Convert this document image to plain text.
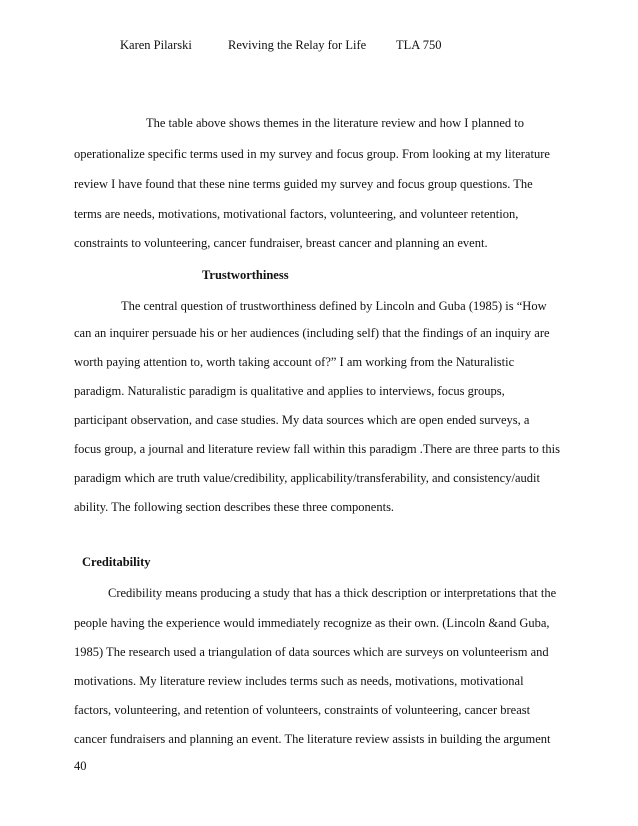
Karen Pilarski	Reviving the Relay for Life TLA 750
The table above shows themes in the literature review and how I planned to
operationalize specific terms used in my survey and focus group. From looking at my literature
review I have found that these nine terms guided my survey and focus group questions. The
terms are needs, motivations, motivational factors, volunteering, and volunteer retention,
constraints to volunteering, cancer fundraiser, breast cancer and planning an event.
Trustworthiness
The central question of trustworthiness defined by Lincoln and Guba (1985) is “How
can an inquirer persuade his or her audiences (including self) that the findings of an inquiry are
worth paying attention to, worth taking account of?” I am working from the Naturalistic
paradigm. Naturalistic paradigm is qualitative and applies to interviews, focus groups,
participant observation, and case studies. My data sources which are open ended surveys, a
focus group, a journal and literature review fall within this paradigm .There are three parts to this
paradigm which are truth value/credibility, applicability/transferability, and consistency/audit
ability. The following section describes these three components.
Creditability
Credibility means producing a study that has a thick description or interpretations that the
people having the experience would immediately recognize as their own. (Lincoln &and Guba,
1985) The research used a triangulation of data sources which are surveys on volunteerism and
motivations. My literature review includes terms such as needs, motivations, motivational
factors, volunteering, and retention of volunteers, constraints of volunteering, cancer breast
cancer fundraisers and planning an event. The literature review assists in building the argument
40
